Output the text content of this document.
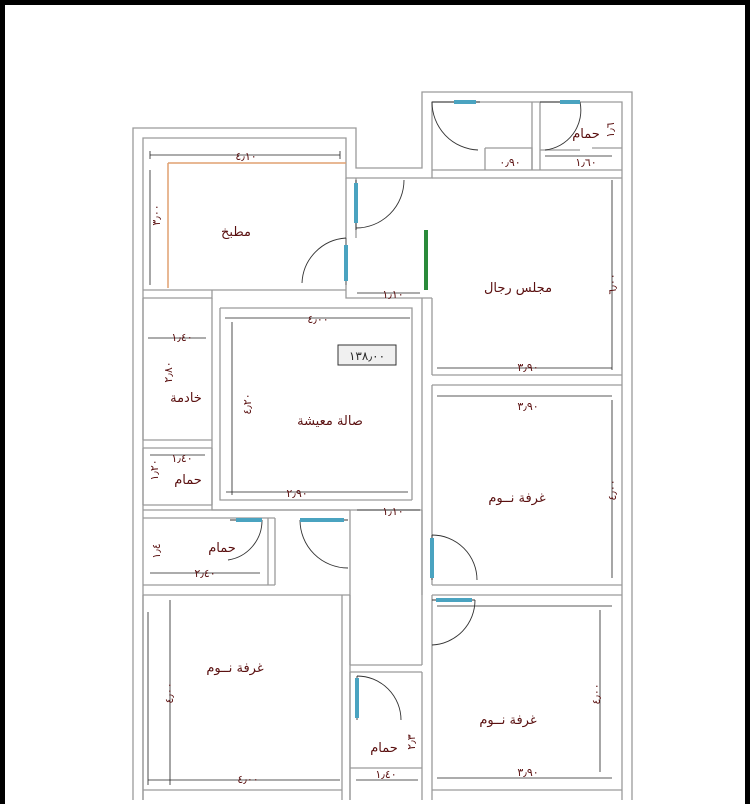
١٣٨٫٠٠
مطبخ
مجلس رجال
صالة معيشة
خادمة
حمام
حمام
حمام
حمام
غرفة نــوم
غرفة نــوم
غرفة نــوم
٤٫١٠	١٫٦٠
٠٫٩٠
١٫١٠
٤٫٠٠
٣٫٩٠
١٫٤٠
١٫٤٠
٢٫٩٠
٣٫٩٠
١٫١٠
٢٫٤٠
٤٫٠٠	١٫٤٠	٣٫٩٠
٣٫٠٠
١٫٦
٦٫٠٠
٢٫٨٠
٤٫٢٠
١٫٢٠
٤٫٠٠
١٫٤
٤٫٠٠
٢٫٣
٤٫٠٠
